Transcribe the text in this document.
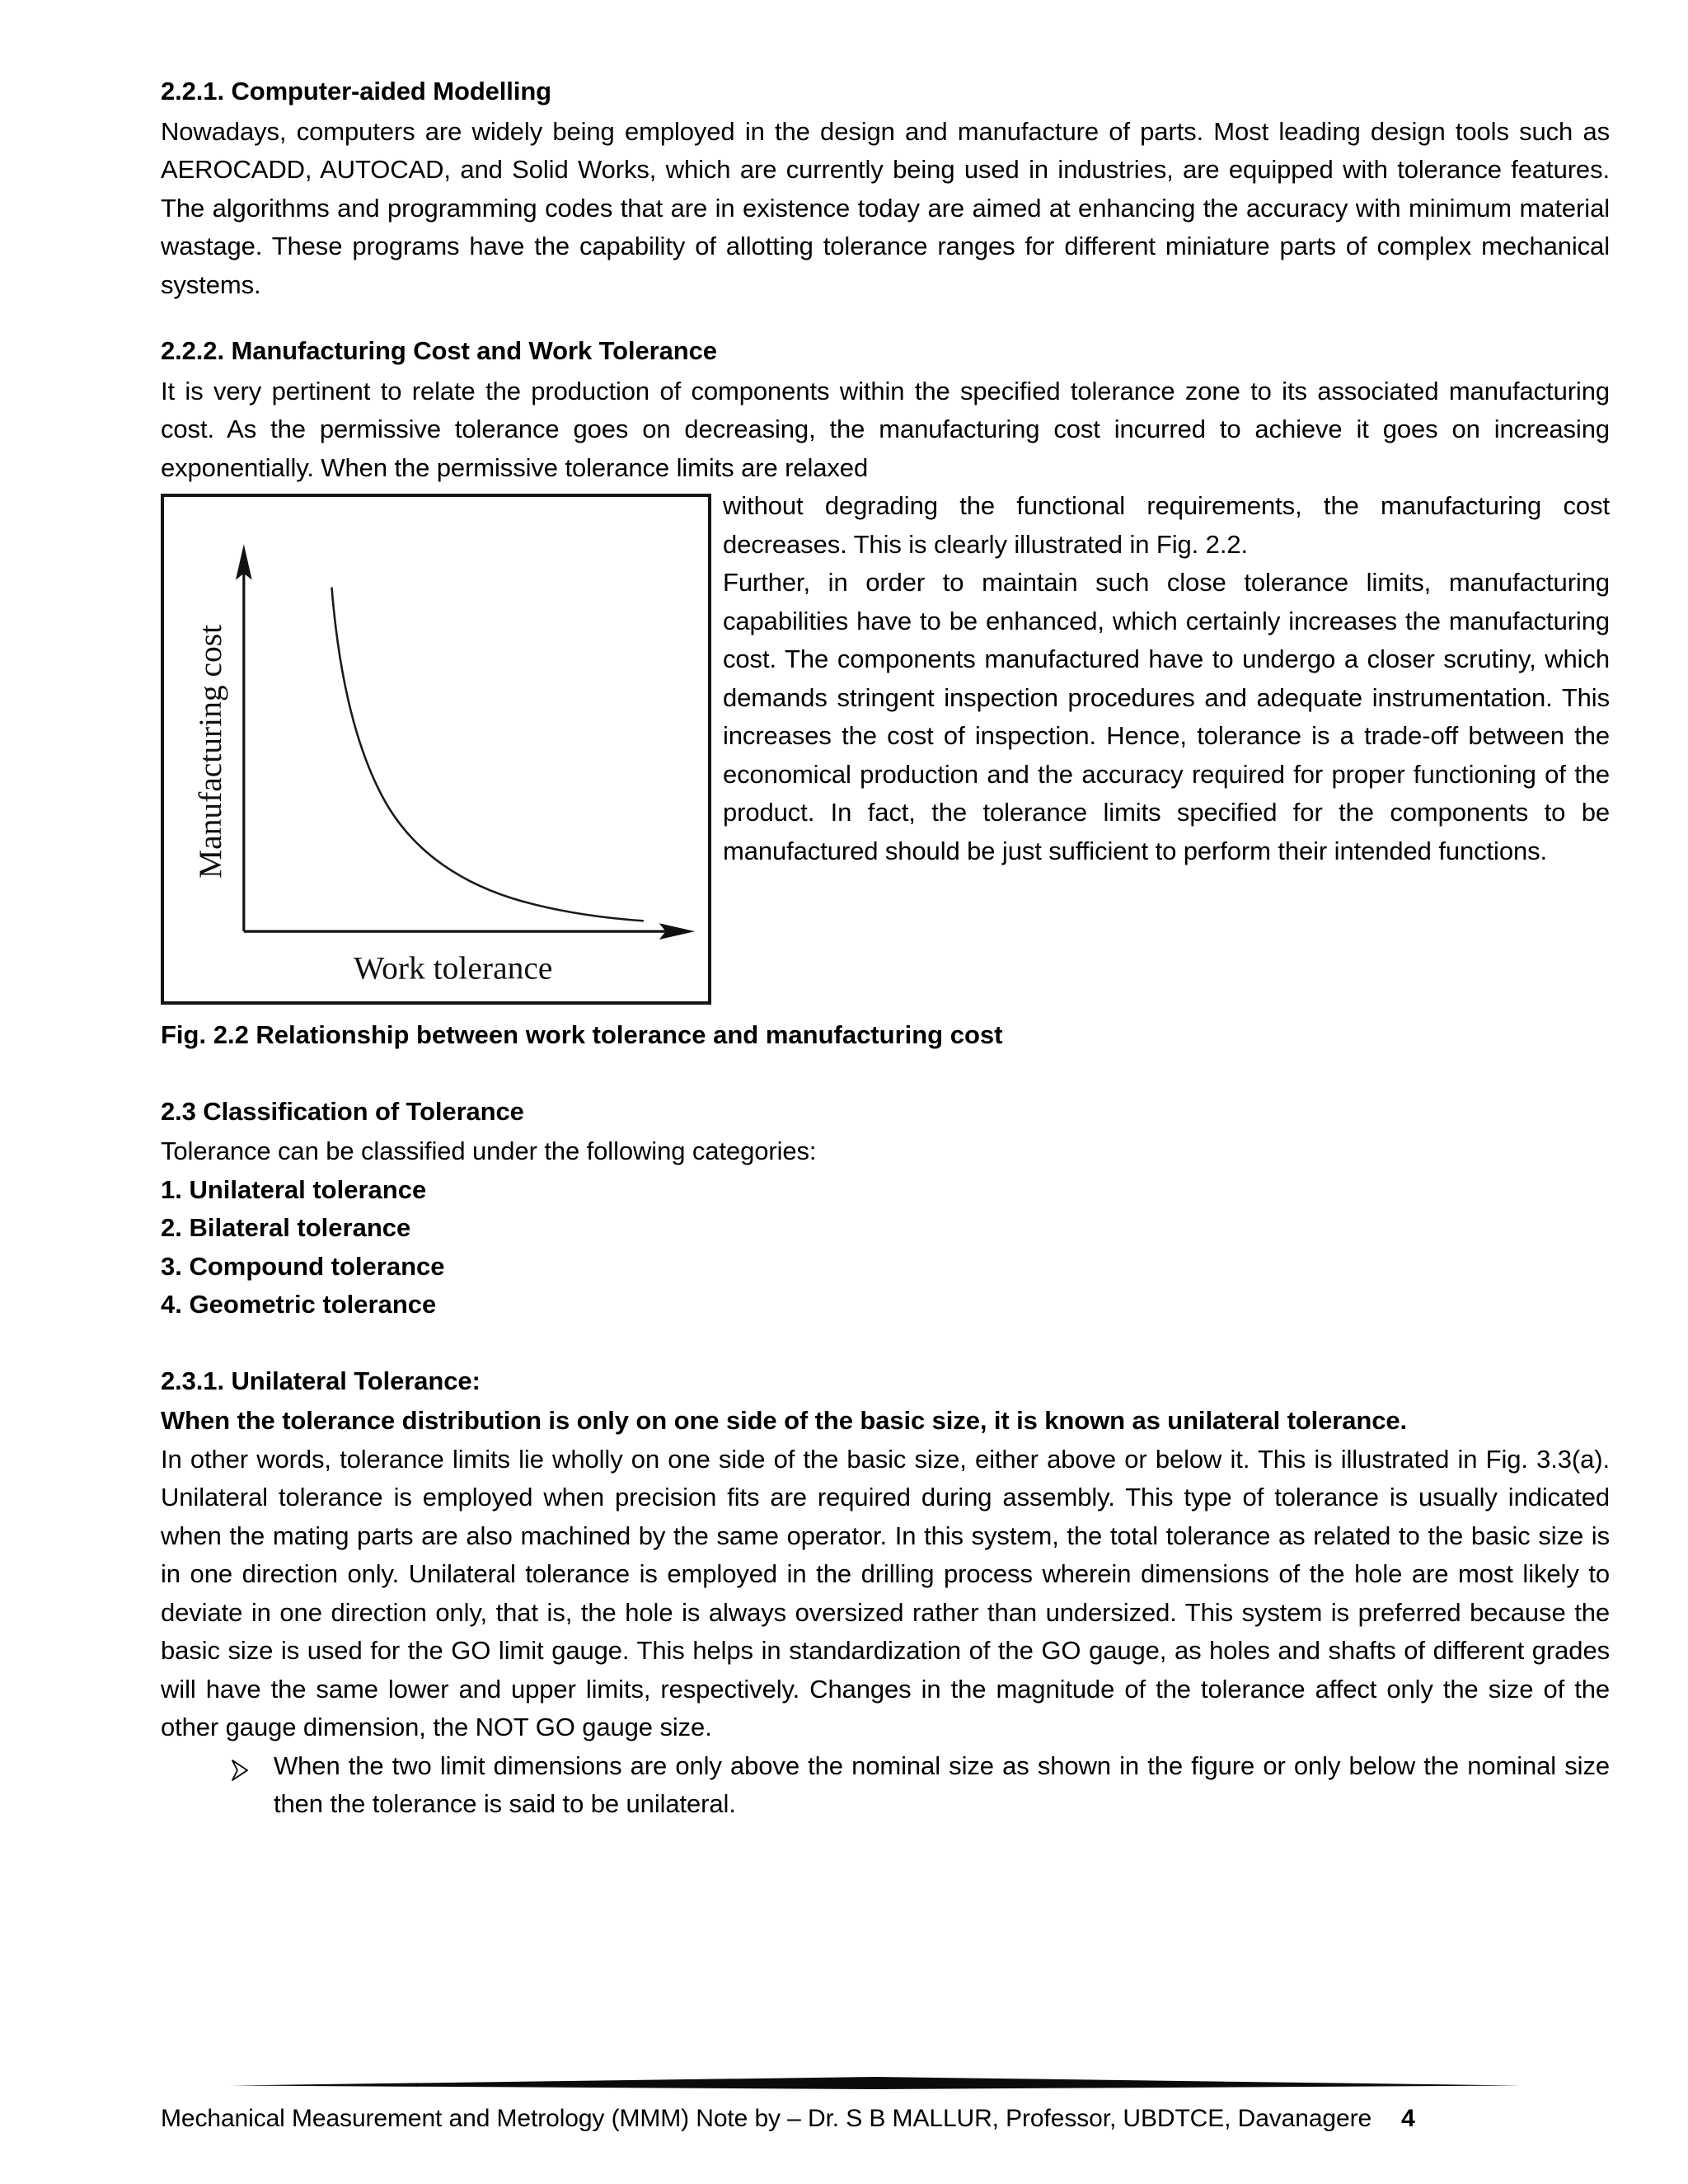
2.2.1. Computer-aided Modelling

Nowadays, computers are widely being employed in the design and manufacture of parts. Most leading design tools such as AEROCADD, AUTOCAD, and Solid Works, which are currently being used in industries, are equipped with tolerance features. The algorithms and programming codes that are in existence today are aimed at enhancing the accuracy with minimum material wastage. These programs have the capability of allotting tolerance ranges for different miniature parts of complex mechanical systems.

2.2.2. Manufacturing Cost and Work Tolerance

It is very pertinent to relate the production of components within the specified tolerance zone to its associated manufacturing cost. As the permissive tolerance goes on decreasing, the manufacturing cost incurred to achieve it goes on increasing exponentially. When the permissive tolerance limits are relaxed

Manufacturing cost
Work tolerance

without degrading the functional requirements, the manufacturing cost decreases. This is clearly illustrated in Fig. 2.2.

Further, in order to maintain such close tolerance limits, manufacturing capabilities have to be enhanced, which certainly increases the manufacturing cost. The components manufactured have to undergo a closer scrutiny, which demands stringent inspection procedures and adequate instrumentation. This increases the cost of inspection. Hence, tolerance is a trade-off between the economical production and the accuracy required for proper functioning of the product. In fact, the tolerance limits specified for the components to be manufactured should be just sufficient to perform their intended functions.

Fig. 2.2 Relationship between work tolerance and manufacturing cost
2.3 Classification of Tolerance

Tolerance can be classified under the following categories:

1. Unilateral tolerance
2. Bilateral tolerance
3. Compound tolerance
4. Geometric tolerance
2.3.1. Unilateral Tolerance:

When the tolerance distribution is only on one side of the basic size, it is known as unilateral tolerance.

In other words, tolerance limits lie wholly on one side of the basic size, either above or below it. This is illustrated in Fig. 3.3(a). Unilateral tolerance is employed when precision fits are required during assembly. This type of tolerance is usually indicated when the mating parts are also machined by the same operator. In this system, the total tolerance as related to the basic size is in one direction only. Unilateral tolerance is employed in the drilling process wherein dimensions of the hole are most likely to deviate in one direction only, that is, the hole is always oversized rather than undersized. This system is preferred because the basic size is used for the GO limit gauge. This helps in standardization of the GO gauge, as holes and shafts of different grades will have the same lower and upper limits, respectively. Changes in the magnitude of the tolerance affect only the size of the other gauge dimension, the NOT GO gauge size.

When the two limit dimensions are only above the nominal size as shown in the figure or only below the nominal size then the tolerance is said to be unilateral.
Mechanical Measurement and Metrology (MMM) Note by – Dr. S B MALLUR, Professor, UBDTCE, Davanagere 4
